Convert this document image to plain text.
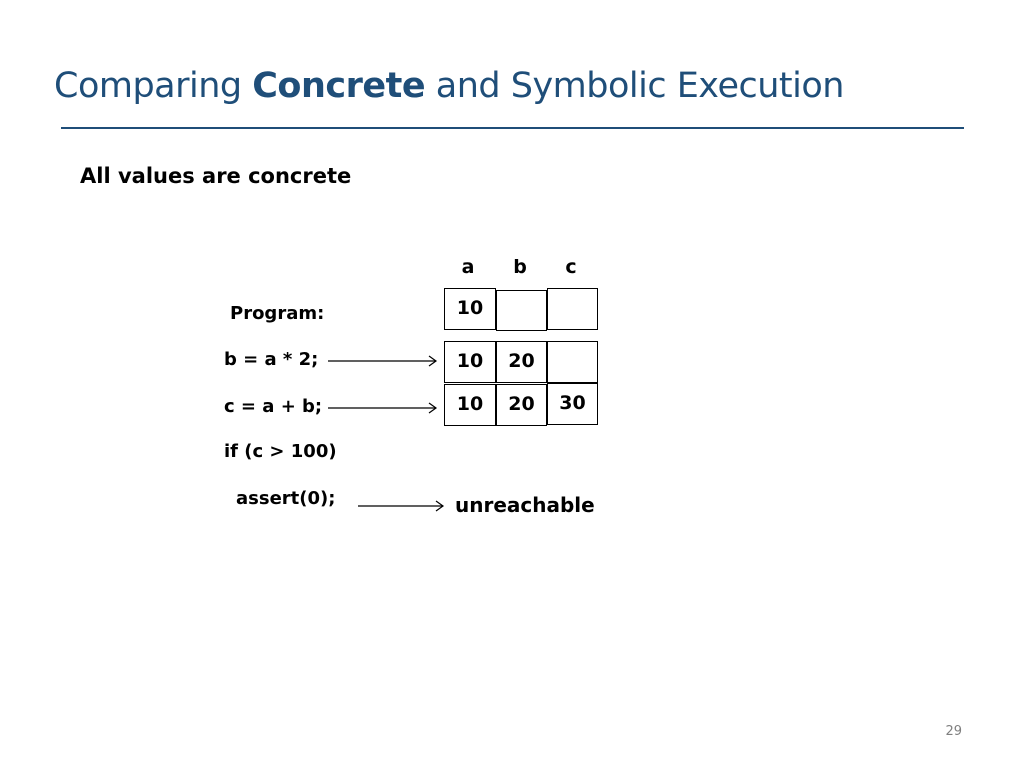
Comparing Concrete and Symbolic Execution
All values are concrete
Program:
b = a * 2;
c = a + b;
if (c > 100)
assert(0);
a	b	c
10
10	20
10	20	30
unreachable
29
